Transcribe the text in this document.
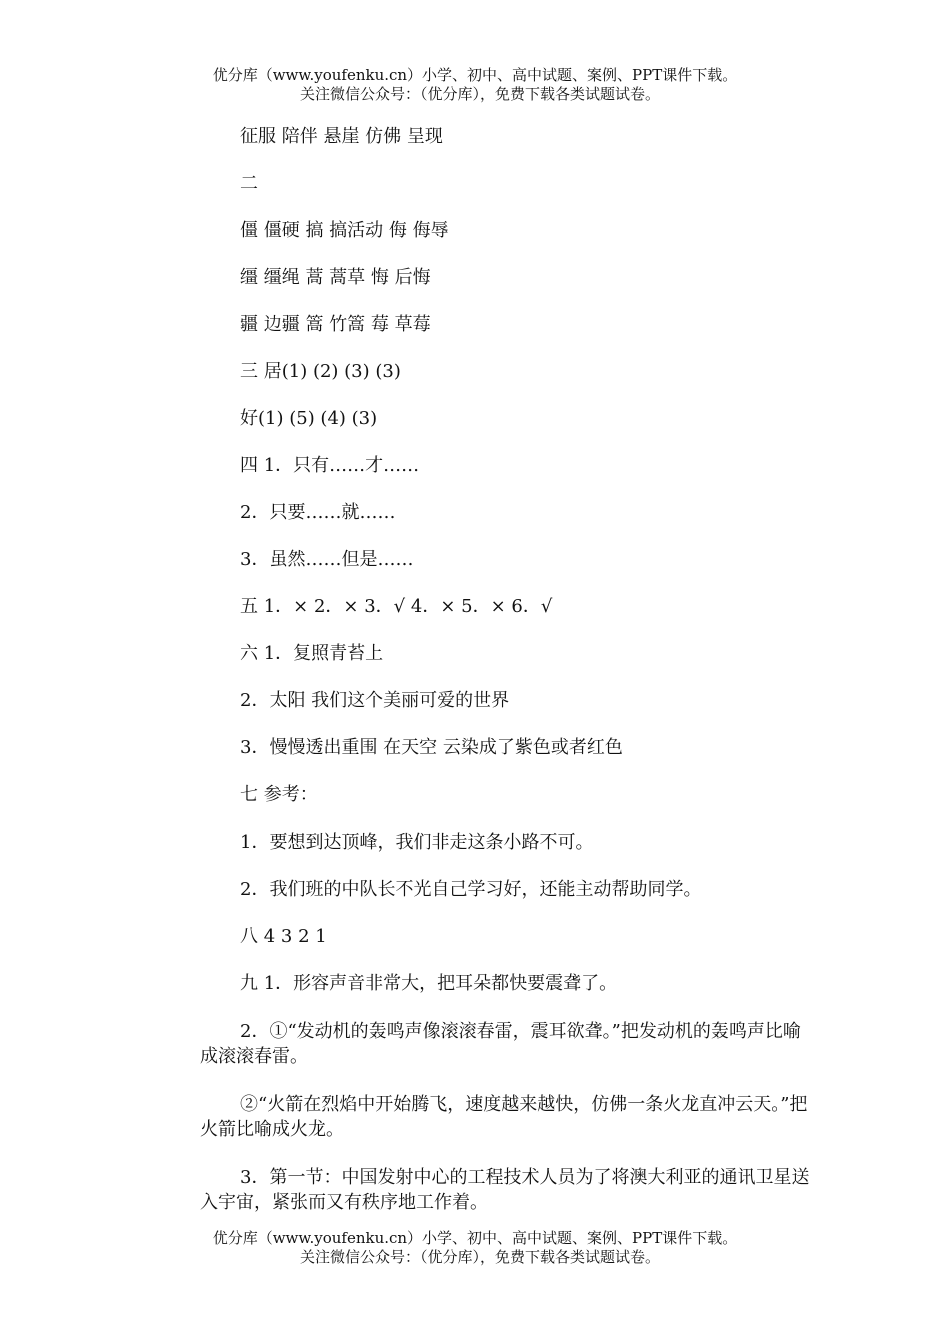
优分库（www.youfenku.cn）小学、初中、高中试题、案例、PPT课件下载。
关注微信公众号：（优分库），免费下载各类试题试卷。
征服 陪伴 悬崖 仿佛 呈现
二
僵 僵硬 搞 搞活动 侮 侮辱
缰 缰绳 蒿 蒿草 悔 后悔
疆 边疆 篙 竹篙 莓 草莓
三 居(1) (2) (3) (3)
好(1) (5) (4) (3)
四 1．只有……才……
2．只要……就……
3．虽然……但是……
五 1．× 2．× 3．√ 4．× 5．× 6．√
六 1．复照青苔上
2．太阳 我们这个美丽可爱的世界
3．慢慢透出重围 在天空 云染成了紫色或者红色
七 参考：
1．要想到达顶峰，我们非走这条小路不可。
2．我们班的中队长不光自己学习好，还能主动帮助同学。
八 4 3 2 1
九 1．形容声音非常大，把耳朵都快要震聋了。
2．①“发动机的轰鸣声像滚滚春雷，震耳欲聋。”把发动机的轰鸣声比喻成滚滚春雷。
②“火箭在烈焰中开始腾飞，速度越来越快，仿佛一条火龙直冲云天。”把火箭比喻成火龙。
3．第一节：中国发射中心的工程技术人员为了将澳大利亚的通讯卫星送入宇宙，紧张而又有秩序地工作着。
优分库（www.youfenku.cn）小学、初中、高中试题、案例、PPT课件下载。
关注微信公众号：（优分库），免费下载各类试题试卷。
